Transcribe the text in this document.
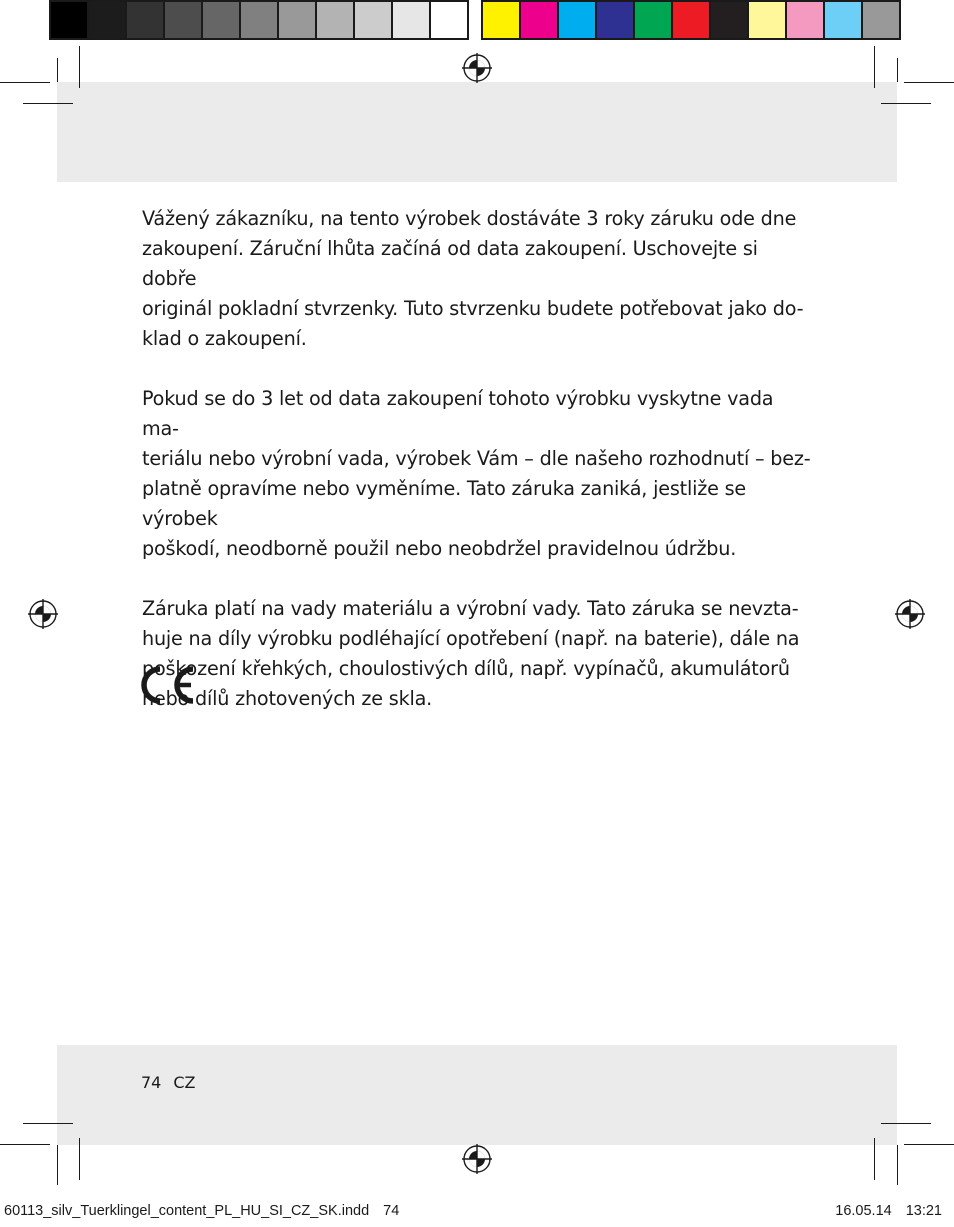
Vážený zákazníku, na tento výrobek dostáváte 3 roky záruku ode dne
zakoupení. Záruční lhůta začíná od data zakoupení. Uschovejte si dobře
originál pokladní stvrzenky. Tuto stvrzenku budete potřebovat jako do-
klad o zakoupení.

Pokud se do 3 let od data zakoupení tohoto výrobku vyskytne vada ma-
teriálu nebo výrobní vada, výrobek Vám – dle našeho rozhodnutí – bez-
platně opravíme nebo vyměníme. Tato záruka zaniká, jestliže se výrobek
poškodí, neodborně použil nebo neobdržel pravidelnou údržbu.

Záruka platí na vady materiálu a výrobní vady. Tato záruka se nevzta-
huje na díly výrobku podléhající opotřebení (např. na baterie), dále na
poškození křehkých, choulostivých dílů, např. vypínačů, akumulátorů
nebo dílů zhotovených ze skla.

74 CZ
60113_silv_Tuerklingel_content_PL_HU_SI_CZ_SK.indd 74	16.05.14 13:21
